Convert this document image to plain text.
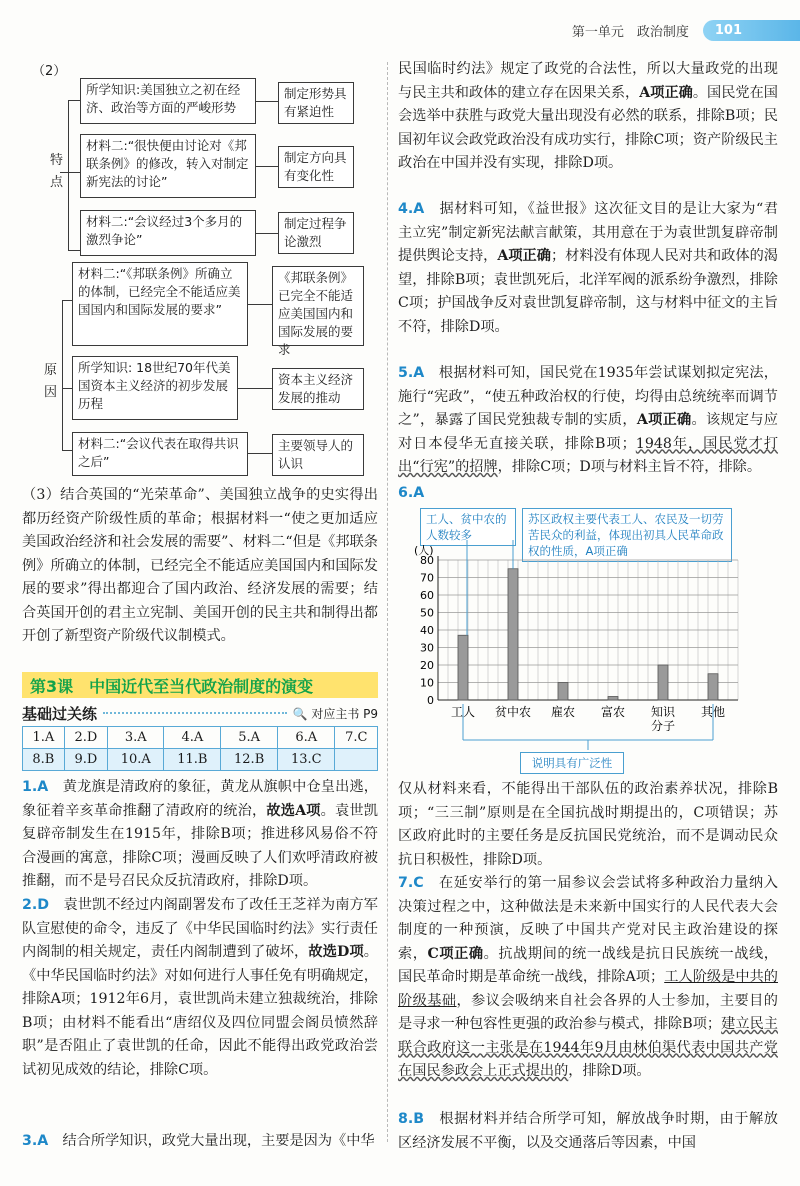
第一单元　政治制度	101
（2）
特
点
原
因
所学知识:美国独立之初在经济、政治等方面的严峻形势
制定形势具有紧迫性
材料二:“很快便由讨论对《邦联条例》的修改，转入对制定新宪法的讨论”
制定方向具有变化性
材料二:“会议经过3个多月的激烈争论”
制定过程争论激烈
材料二:“《邦联条例》所确立的体制，已经完全不能适应美国国内和国际发展的要求”
《邦联条例》已完全不能适应美国国内和国际发展的要求
所学知识: 18世纪70年代美国资本主义经济的初步发展历程
资本主义经济发展的推动
材料二:“会议代表在取得共识之后”
主要领导人的认识
（3）结合英国的“光荣革命”、美国独立战争的史实得出都历经资产阶级性质的革命；根据材料一“使之更加适应美国政治经济和社会发展的需要”、材料二“但是《邦联条例》所确立的体制，已经完全不能适应美国国内和国际发展的要求”得出都迎合了国内政治、经济发展的需要；结合英国开创的君主立宪制、美国开创的民主共和制得出都开创了新型资产阶级代议制模式。
第3课　中国近代至当代政治制度的演变
基础过关练	🔍 对应主书 P9
1.A	2.D	3.A	4.A	5.A	6.A	7.C
8.B	9.D	10.A	11.B	12.B	13.C	
1.A　 黄龙旗是清政府的象征，黄龙从旗帜中仓皇出逃，象征着辛亥革命推翻了清政府的统治，故选A项。袁世凯复辟帝制发生在1915年，排除B项；推进移风易俗不符合漫画的寓意，排除C项；漫画反映了人们欢呼清政府被推翻，而不是号召民众反抗清政府，排除D项。
2.D　 袁世凯不经过内阁副署发布了改任王芝祥为南方军队宣慰使的命令，违反了《中华民国临时约法》实行责任内阁制的相关规定，责任内阁制遭到了破坏，故选D项。《中华民国临时约法》对如何进行人事任免有明确规定，排除A项；1912年6月，袁世凯尚未建立独裁统治，排除B项；由材料不能看出“唐绍仪及四位同盟会阁员愤然辞职”是否阻止了袁世凯的任命，因此不能得出政党政治尝试初见成效的结论，排除C项。
3.A　 结合所学知识，政党大量出现，主要是因为《中华
民国临时约法》规定了政党的合法性，所以大量政党的出现与民主共和政体的建立存在因果关系，A项正确。国民党在国会选举中获胜与政党大量出现没有必然的联系，排除B项；民国初年议会政党政治没有成功实行，排除C项；资产阶级民主政治在中国并没有实现，排除D项。
4.A　 据材料可知，《益世报》这次征文目的是让大家为“君主立宪”制定新宪法献言献策，其用意在于为袁世凯复辟帝制提供舆论支持，A项正确；材料没有体现人民对共和政体的渴望，排除B项；袁世凯死后，北洋军阀的派系纷争激烈，排除C项；护国战争反对袁世凯复辟帝制，这与材料中征文的主旨不符，排除D项。
5.A　 根据材料可知，国民党在1935年尝试谋划拟定宪法，施行“宪政”，“使五种政治权的行使，均得由总统统率而调节之”，暴露了国民党独裁专制的实质，A项正确。该规定与应对日本侵华无直接关联，排除B项；1948年，国民党才打出“行宪”的招牌，排除C项；D项与材料主旨不符，排除。
6.A
工人、贫中农的人数较多
苏区政权主要代表工人、农民及一切劳苦民众的利益，体现出初具人民革命政权的性质，A项正确
0
10
20
30
40
50
60
70
80
(人)
工人 贫中农 雇农 富农 知识
分子
其他
说明具有广泛性
仅从材料来看，不能得出干部队伍的政治素养状况，排除B项；“三三制”原则是在全国抗战时期提出的，C项错误；苏区政府此时的主要任务是反抗国民党统治，而不是调动民众抗日积极性，排除D项。
7.C　 在延安举行的第一届参议会尝试将多种政治力量纳入决策过程之中，这种做法是未来新中国实行的人民代表大会制度的一种预演，反映了中国共产党对民主政治建设的探索，C项正确。抗战期间的统一战线是抗日民族统一战线，国民革命时期是革命统一战线，排除A项；工人阶级是中共的阶级基础，参议会吸纳来自社会各界的人士参加，主要目的是寻求一种包容性更强的政治参与模式，排除B项；建立民主联合政府这一主张是在1944年9月由林伯渠代表中国共产党在国民参政会上正式提出的，排除D项。
8.B　 根据材料并结合所学可知，解放战争时期，由于解放区经济发展不平衡，以及交通落后等因素，中国
